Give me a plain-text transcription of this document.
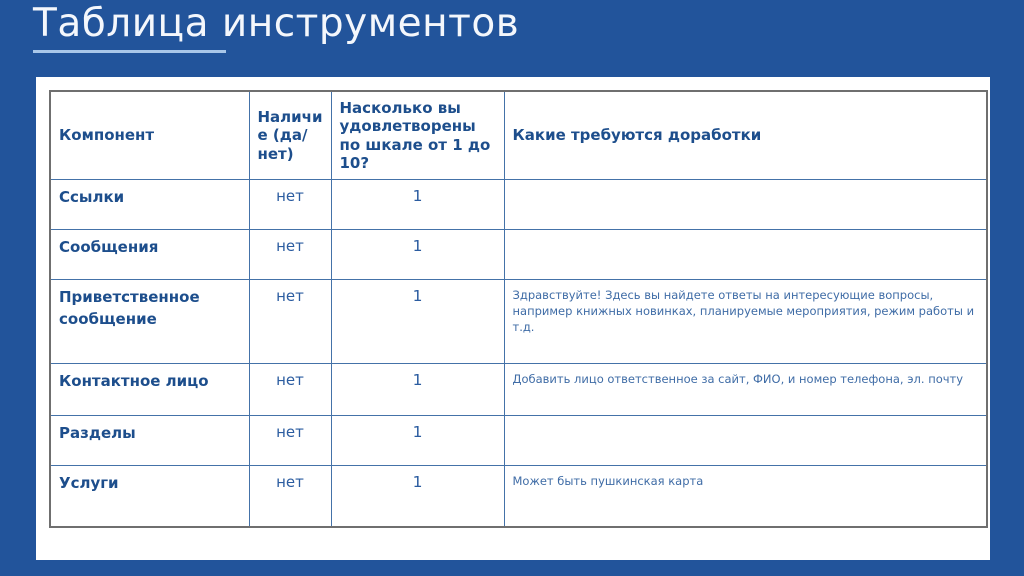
Таблица инструментов
Компонент	Наличие (да/нет)	Насколько вы удовлетворены по шкале от 1 до 10?	Какие требуются доработки
Ссылки	нет	1	
Сообщения	нет	1	
Приветственное сообщение	нет	1	Здравствуйте! Здесь вы найдете ответы на интересующие вопросы, например книжных новинках, планируемые мероприятия, режим работы и т.д.
Контактное лицо	нет	1	Добавить лицо ответственное за сайт, ФИО, и номер телефона, эл. почту
Разделы	нет	1	
Услуги	нет	1	Может быть пушкинская карта
